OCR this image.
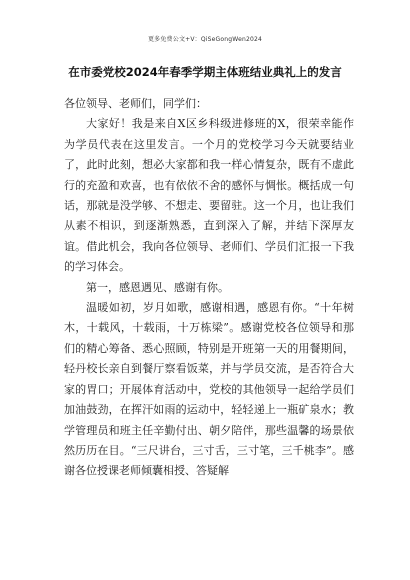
更多免费公文+V：QiSeGongWen2024
在市委党校2024年春季学期主体班结业典礼上的发言

各位领导、老师们，同学们：

大家好！我是来自X区乡科级进修班的X，很荣幸能作为学员代表在这里发言。一个月的党校学习今天就要结业了，此时此刻，想必大家都和我一样心情复杂，既有不虚此行的充盈和欢喜，也有依依不舍的感怀与惆怅。概括成一句话，那就是没学够、不想走、要留驻。这一个月，也让我们从素不相识，到逐渐熟悉，直到深入了解，并结下深厚友谊。借此机会，我向各位领导、老师们、学员们汇报一下我的学习体会。

第一，感恩遇见、感谢有你。

温暖如初，岁月如歌，感谢相遇，感恩有你。“十年树木，十载风，十载雨，十万栋梁”。感谢党校各位领导和那们的精心筹备、悉心照顾，特别是开班第一天的用餐期间，轻丹校长亲自到餐厅察看饭菜，并与学员交流，是否符合大家的胃口；开展体育活动中，党校的其他领导一起给学员们加油鼓劲，在挥汗如雨的运动中，轻轻递上一瓶矿泉水；教学管理员和班主任辛勤付出、朝夕陪伴，那些温馨的场景依然历历在目。“三尺讲台，三寸舌，三寸笔，三千桃李”。感谢各位授课老师倾囊相授、答疑解
